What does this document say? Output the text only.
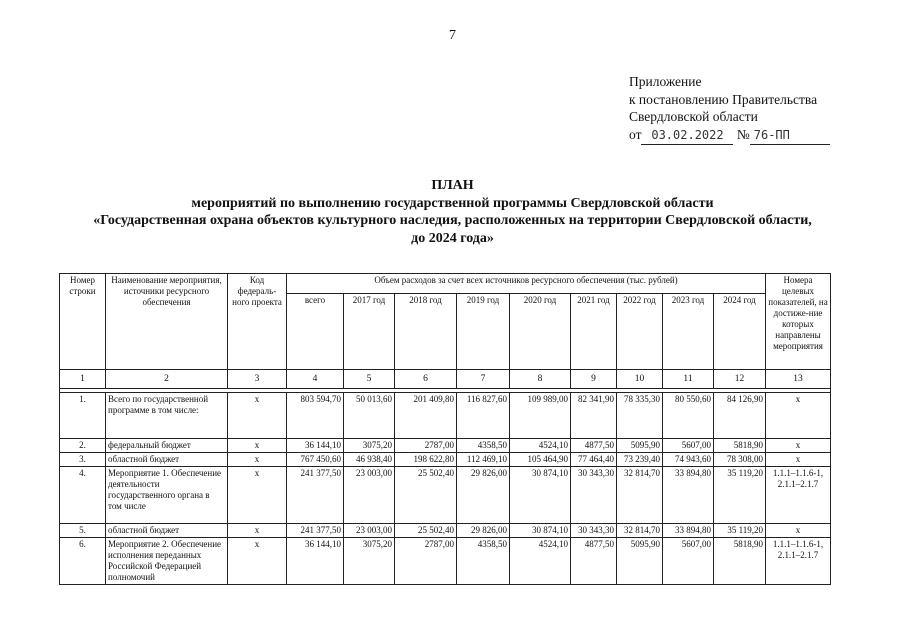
7
Приложение
к постановлению Правительства
Свердловской области
от 03.02.2022 № 76-ПП
ПЛАН
мероприятий по выполнению государственной программы Свердловской области
«Государственная охрана объектов культурного наследия, расположенных на территории Свердловской области,
до 2024 года»
Номер строки	Наименование мероприятия, источники ресурсного обеспечения	Код федераль-ного проекта	Объем расходов за счет всех источников ресурсного обеспечения (тыс. рублей)									Номера целевых показателей, на достиже-ние которых направлены мероприятия
			всего	2017 год	2018 год	2019 год	2020 год	2021 год	2022 год	2023 год	2024 год	
1	2	3	4	5	6	7	8	9	10	11	12	13

1.	Всего по государственной программе в том числе:	x	803 594,70	50 013,60	201 409,80	116 827,60	109 989,00	82 341,90	78 335,30	80 550,60	84 126,90	x
2.	федеральный бюджет	x	36 144,10	3075,20	2787,00	4358,50	4524,10	4877,50	5095,90	5607,00	5818,90	x
3.	областной бюджет	x	767 450,60	46 938,40	198 622,80	112 469,10	105 464,90	77 464,40	73 239,40	74 943,60	78 308,00	x
4.	Мероприятие 1. Обеспечение деятельности государственного органа в том числе	x	241 377,50	23 003,00	25 502,40	29 826,00	30 874,10	30 343,30	32 814,70	33 894,80	35 119,20	1.1.1–1.1.6-1, 2.1.1–2.1.7
5.	областной бюджет	x	241 377,50	23 003,00	25 502,40	29 826,00	30 874,10	30 343,30	32 814,70	33 894,80	35 119,20	x
6.	Мероприятие 2. Обеспечение исполнения переданных Российской Федерацией полномочий	x	36 144,10	3075,20	2787,00	4358,50	4524,10	4877,50	5095,90	5607,00	5818,90	1.1.1–1.1.6-1, 2.1.1–2.1.7
